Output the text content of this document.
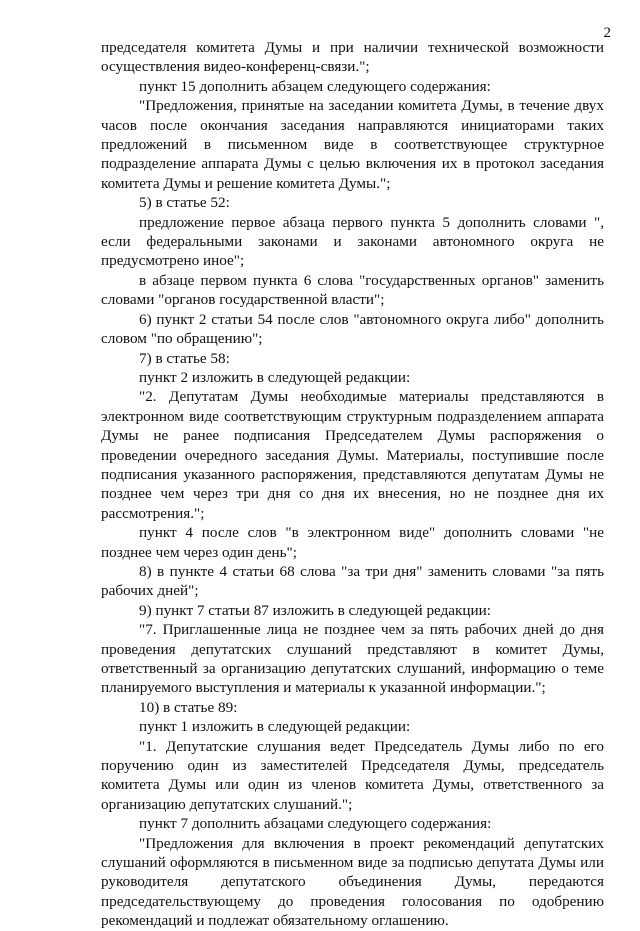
2

председателя комитета Думы и при наличии технической возможности осуществления видео-конференц-связи.";

пункт 15 дополнить абзацем следующего содержания:

"Предложения, принятые на заседании комитета Думы, в течение двух часов после окончания заседания направляются инициаторами таких предложений в письменном виде в соответствующее структурное подразделение аппарата Думы с целью включения их в протокол заседания комитета Думы и решение комитета Думы.";

5) в статье 52:

предложение первое абзаца первого пункта 5 дополнить словами ", если федеральными законами и законами автономного округа не предусмотрено иное";

в абзаце первом пункта 6 слова "государственных органов" заменить словами "органов государственной власти";

6) пункт 2 статьи 54 после слов "автономного округа либо" дополнить словом "по обращению";

7) в статье 58:

пункт 2 изложить в следующей редакции:

"2. Депутатам Думы необходимые материалы представляются в электронном виде соответствующим структурным подразделением аппарата Думы не ранее подписания Председателем Думы распоряжения о проведении очередного заседания Думы. Материалы, поступившие после подписания указанного распоряжения, представляются депутатам Думы не позднее чем через три дня со дня их внесения, но не позднее дня их рассмотрения.";

пункт 4 после слов "в электронном виде" дополнить словами "не позднее чем через один день";

8) в пункте 4 статьи 68 слова "за три дня" заменить словами "за пять рабочих дней";

9) пункт 7 статьи 87 изложить в следующей редакции:

"7. Приглашенные лица не позднее чем за пять рабочих дней до дня проведения депутатских слушаний представляют в комитет Думы, ответственный за организацию депутатских слушаний, информацию о теме планируемого выступления и материалы к указанной информации.";

10) в статье 89:

пункт 1 изложить в следующей редакции:

"1. Депутатские слушания ведет Председатель Думы либо по его поручению один из заместителей Председателя Думы, председатель комитета Думы или один из членов комитета Думы, ответственного за организацию депутатских слушаний.";

пункт 7 дополнить абзацами следующего содержания:

"Предложения для включения в проект рекомендаций депутатских слушаний оформляются в письменном виде за подписью депутата Думы или руководителя депутатского объединения Думы, передаются председательствующему до проведения голосования по одобрению рекомендаций и подлежат обязательному оглашению.
